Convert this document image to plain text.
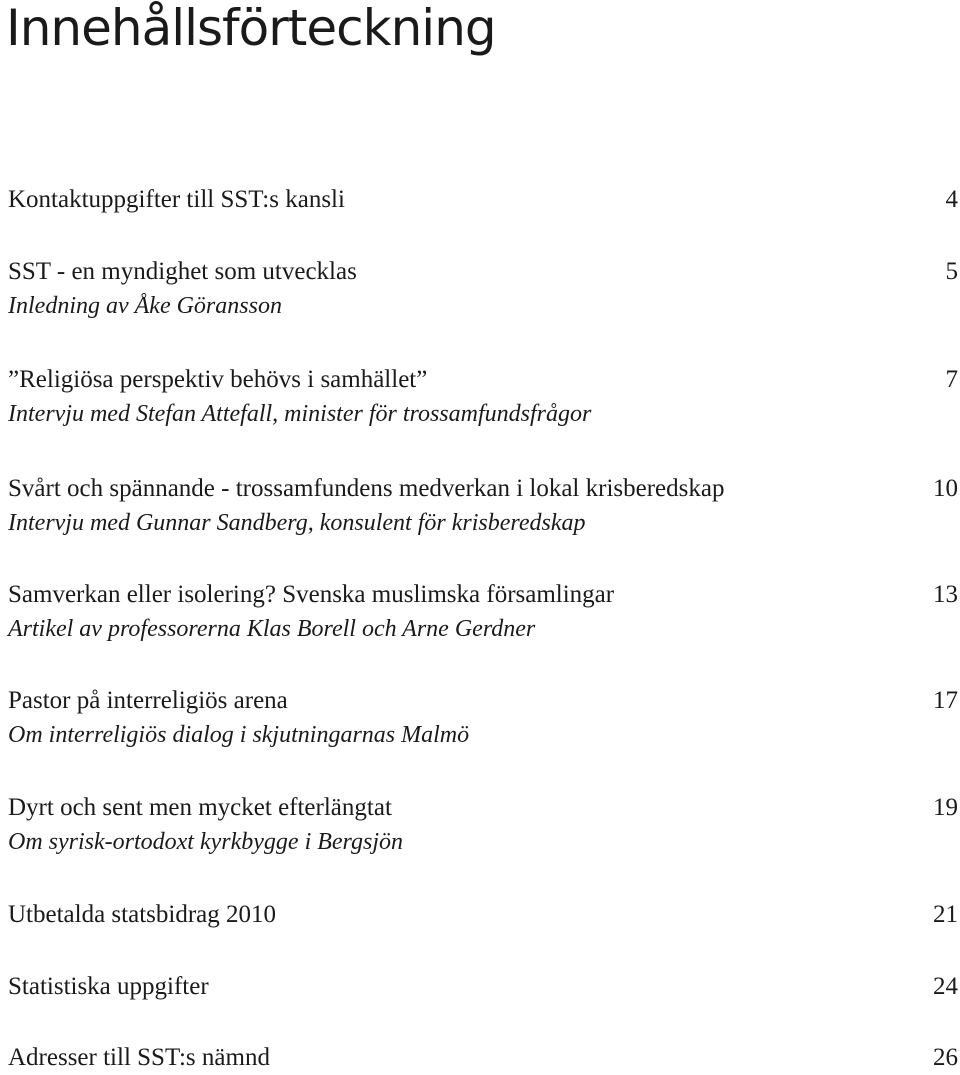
Innehållsförteckning
Kontaktuppgifter till SST:s kansli	4
SST - en myndighet som utvecklas	5
Inledning av Åke Göransson
”Religiösa perspektiv behövs i samhället”	7
Intervju med Stefan Attefall, minister för trossamfundsfrågor
Svårt och spännande - trossamfundens medverkan i lokal krisberedskap	10
Intervju med Gunnar Sandberg, konsulent för krisberedskap
Samverkan eller isolering? Svenska muslimska församlingar	13
Artikel av professorerna Klas Borell och Arne Gerdner
Pastor på interreligiös arena	17
Om interreligiös dialog i skjutningarnas Malmö
Dyrt och sent men mycket efterlängtat	19
Om syrisk-ortodoxt kyrkbygge i Bergsjön
Utbetalda statsbidrag 2010	21
Statistiska uppgifter	24
Adresser till SST:s nämnd	26
